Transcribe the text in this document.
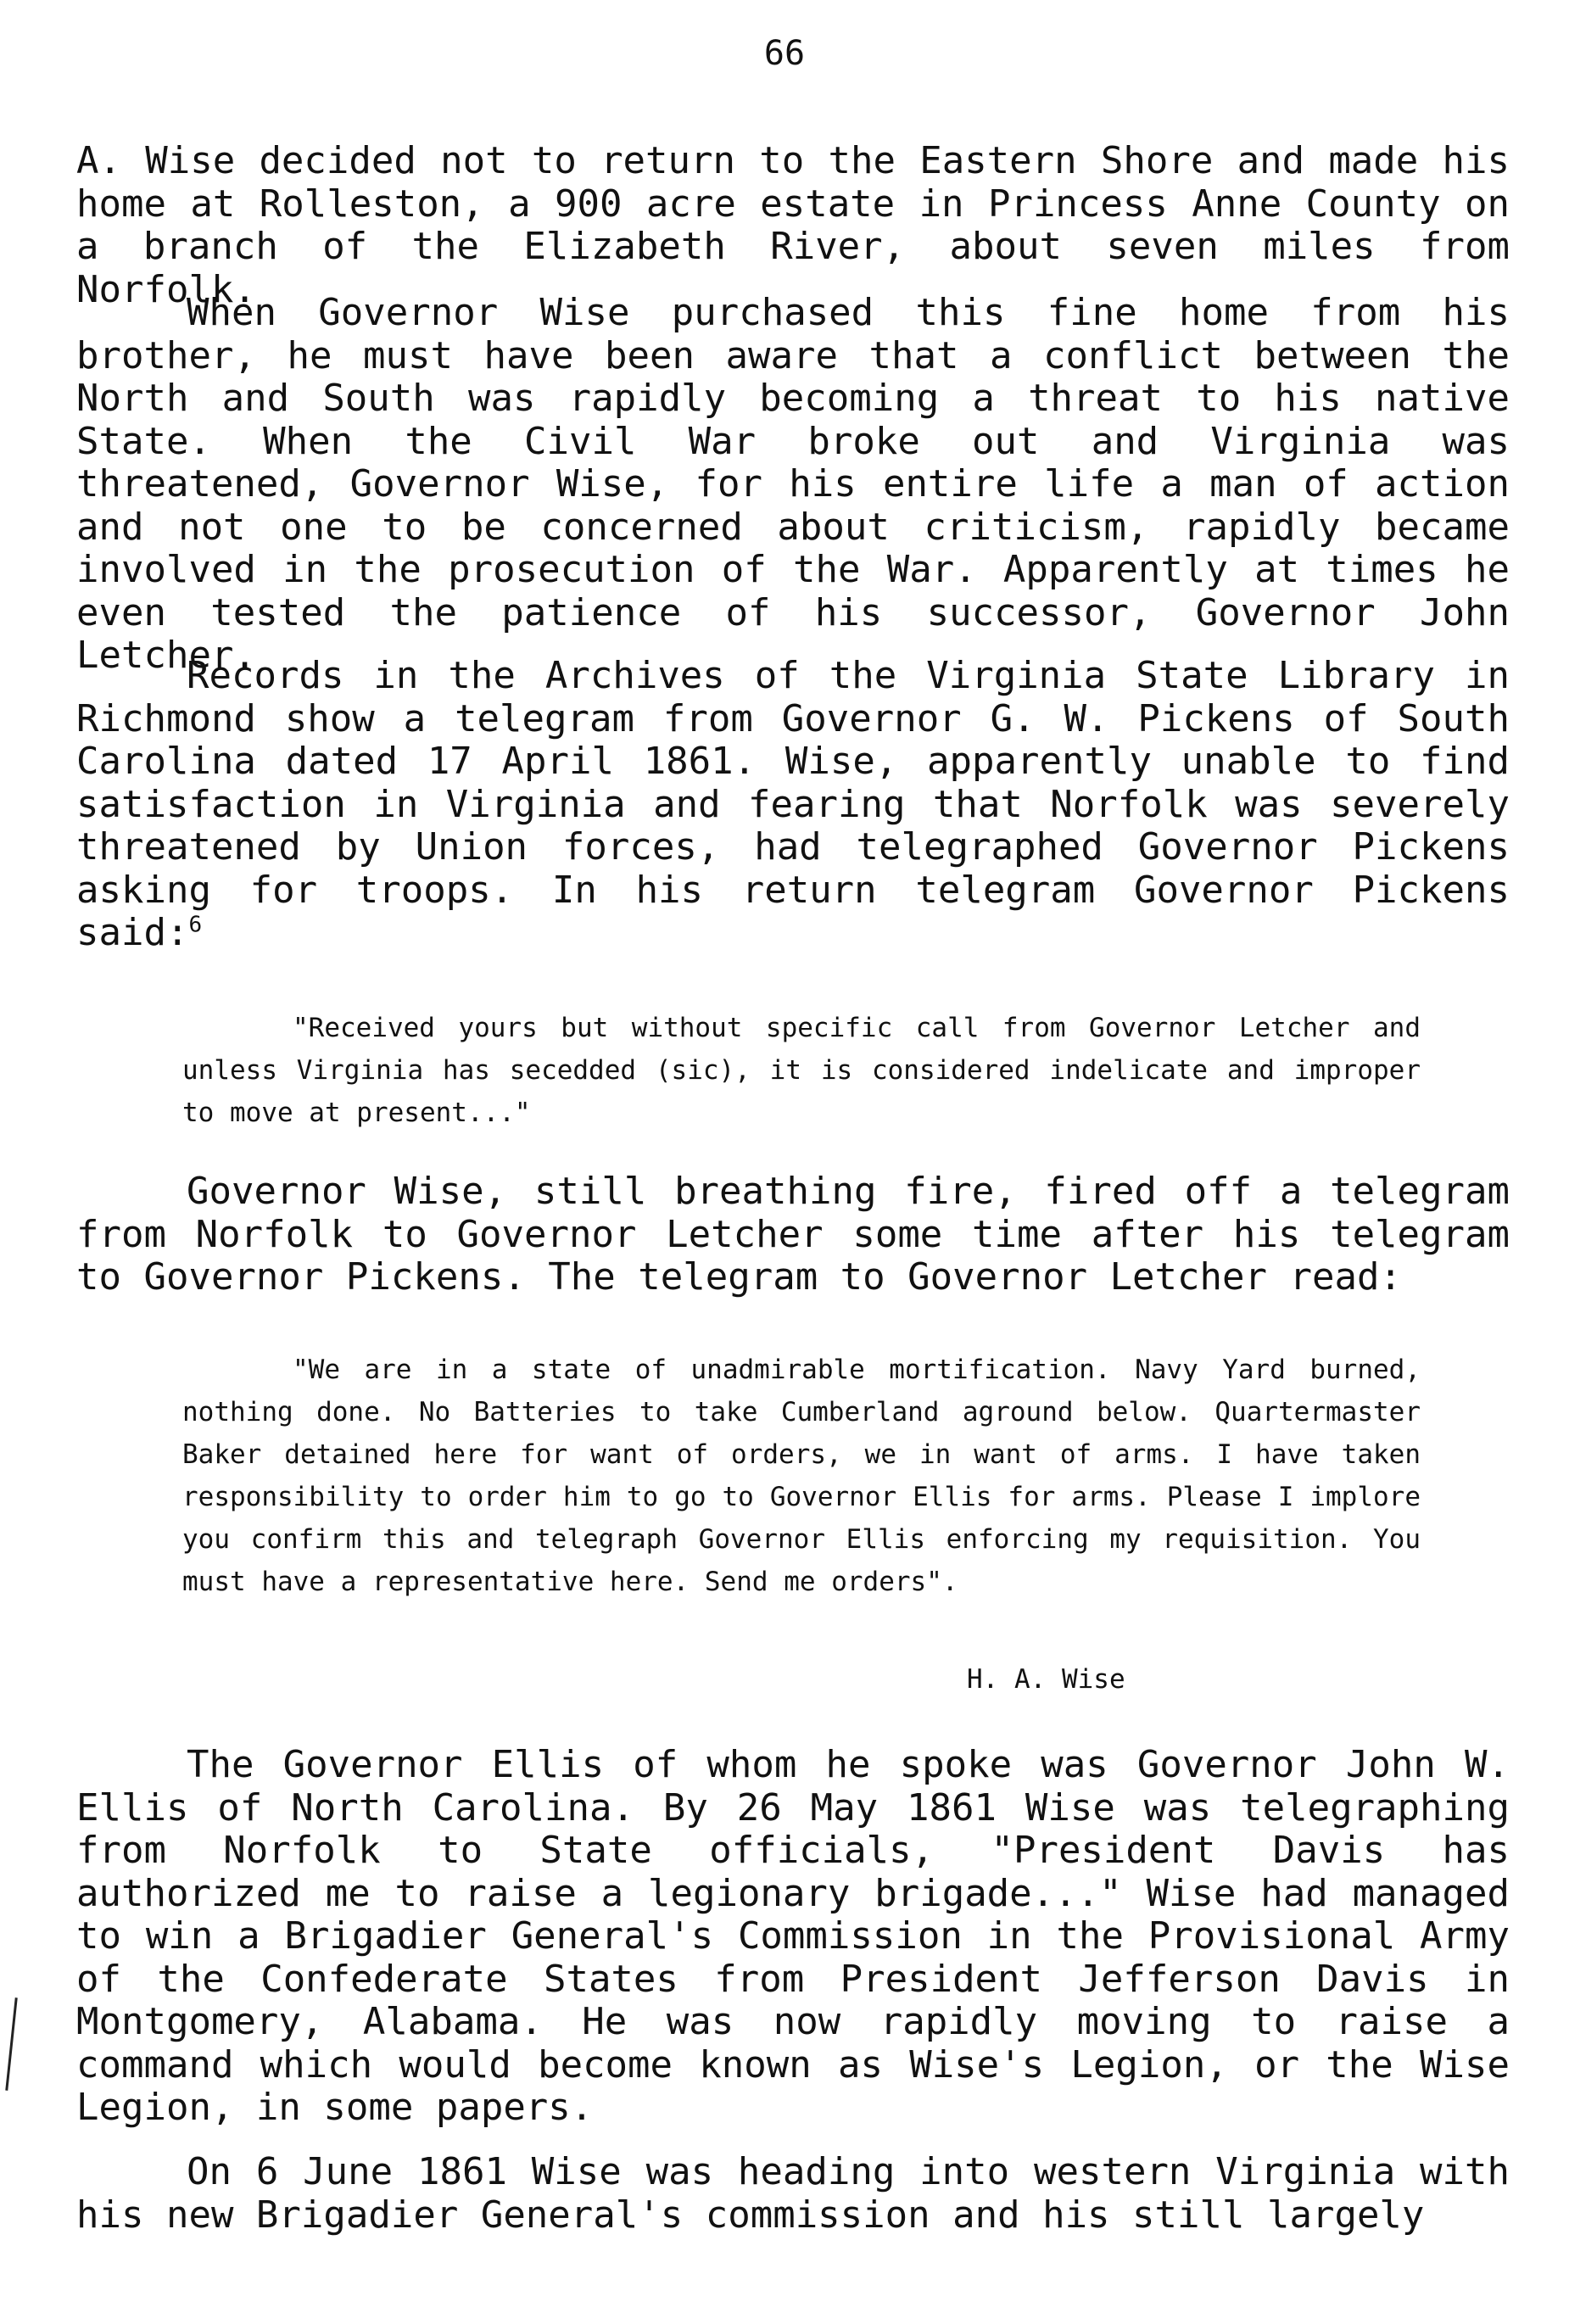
66

A. Wise decided not to return to the Eastern Shore and made his home at Rolleston, a 900 acre estate in Princess Anne County on a branch of the Elizabeth River, about seven miles from Norfolk.

When Governor Wise purchased this fine home from his brother, he must have been aware that a conflict between the North and South was rapidly becoming a threat to his native State. When the Civil War broke out and Virginia was threatened, Governor Wise, for his entire life a man of action and not one to be concerned about criticism, rapidly became involved in the prosecution of the War. Apparently at times he even tested the patience of his successor, Governor John Letcher.

Records in the Archives of the Virginia State Library in Richmond show a telegram from Governor G. W. Pickens of South Carolina dated 17 April 1861. Wise, apparently unable to find satisfaction in Virginia and fearing that Norfolk was severely threatened by Union forces, had telegraphed Governor Pickens asking for troops. In his return telegram Governor Pickens said:$^6$

"Received yours but without specific call from Governor Letcher and unless Virginia has secedded (sic), it is considered indelicate and improper to move at present..."

Governor Wise, still breathing fire, fired off a telegram from Norfolk to Governor Letcher some time after his telegram to Governor Pickens. The telegram to Governor Letcher read:

"We are in a state of unadmirable mortification. Navy Yard burned, nothing done. No Batteries to take Cumberland aground below. Quartermaster Baker detained here for want of orders, we in want of arms. I have taken responsibility to order him to go to Governor Ellis for arms. Please I implore you confirm this and telegraph Governor Ellis enforcing my requisition. You must have a representative here. Send me orders".

H. A. Wise

The Governor Ellis of whom he spoke was Governor John W. Ellis of North Carolina. By 26 May 1861 Wise was telegraphing from Norfolk to State officials, "President Davis has authorized me to raise a legionary brigade..." Wise had managed to win a Brigadier General's Commission in the Provisional Army of the Confederate States from President Jefferson Davis in Montgomery, Alabama. He was now rapidly moving to raise a command which would become known as Wise's Legion, or the Wise Legion, in some papers.

On 6 June 1861 Wise was heading into western Virginia with his new Brigadier General's commission and his still largely
